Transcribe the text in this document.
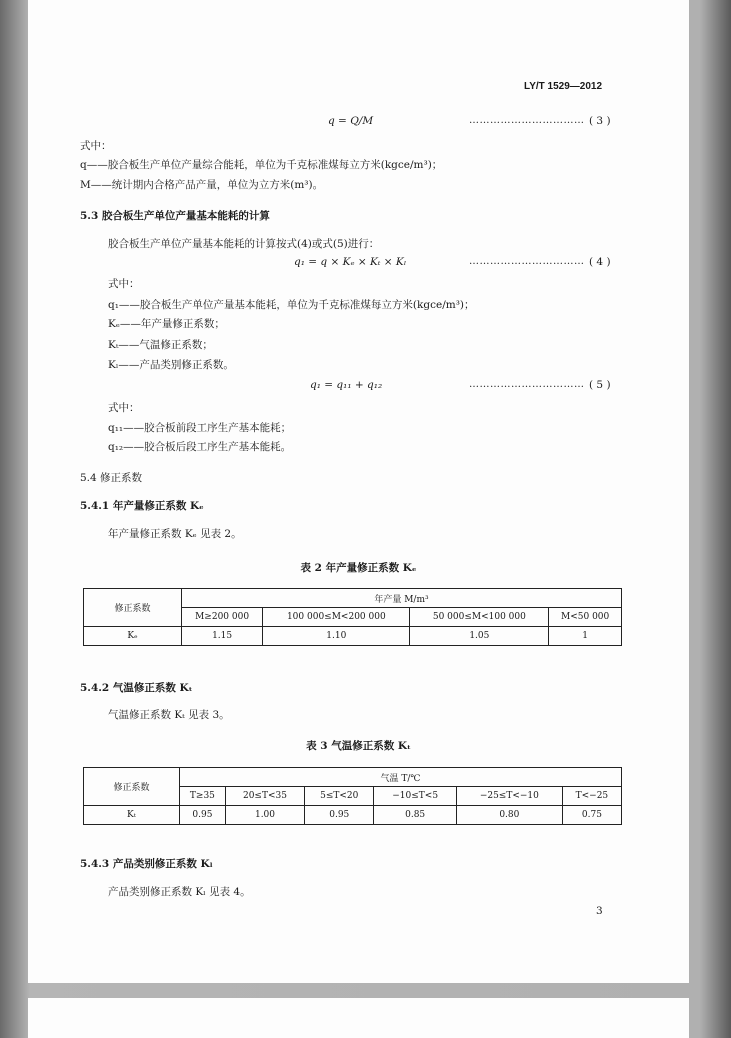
LY/T 1529—2012
q = Q/M	…………………………… ( 3 )
式中：
q——胶合板生产单位产量综合能耗，单位为千克标准煤每立方米(kgce/m³)；
M——统计期内合格产品产量，单位为立方米(m³)。
5.3 胶合板生产单位产量基本能耗的计算
胶合板生产单位产量基本能耗的计算按式(4)或式(5)进行：
q₁ = q × Kₑ × Kₜ × Kₗ	…………………………… ( 4 )
式中：
q₁——胶合板生产单位产量基本能耗，单位为千克标准煤每立方米(kgce/m³)；
Kₑ——年产量修正系数；
Kₜ——气温修正系数；
Kₗ——产品类别修正系数。
q₁ = q₁₁ + q₁₂	…………………………… ( 5 )
式中：
q₁₁——胶合板前段工序生产基本能耗；
q₁₂——胶合板后段工序生产基本能耗。
5.4 修正系数
5.4.1 年产量修正系数 Kₑ
年产量修正系数 Kₑ 见表 2。
表 2 年产量修正系数 Kₑ
修正系数	年产量 M/m³			
	M≥200 000	100 000≤M<200 000	50 000≤M<100 000	M<50 000
Kₑ	1.15	1.10	1.05	1
5.4.2 气温修正系数 Kₜ
气温修正系数 Kₜ 见表 3。
表 3 气温修正系数 Kₜ
修正系数	气温 T/℃					
	T≥35	20≤T<35	5≤T<20	−10≤T<5	−25≤T<−10	T<−25
Kₜ	0.95	1.00	0.95	0.85	0.80	0.75
5.4.3 产品类别修正系数 Kₗ
产品类别修正系数 Kₗ 见表 4。
3
